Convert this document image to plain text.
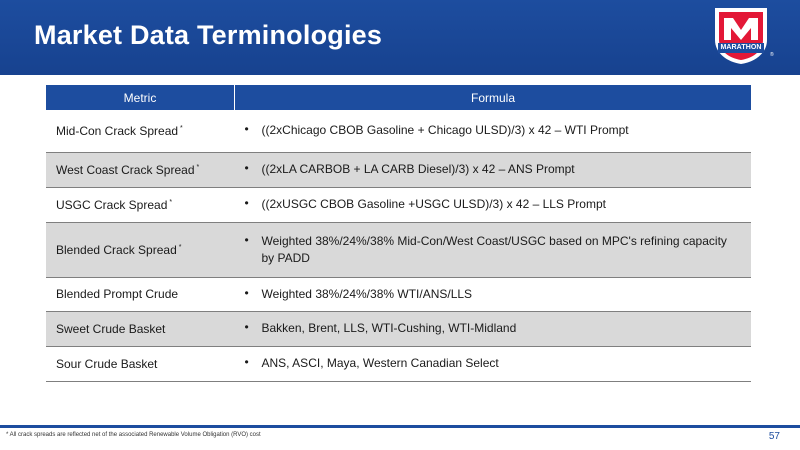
Market Data Terminologies	MARATHON
®
Metric	Formula
Mid-Con Crack Spread *	• ((2xChicago CBOB Gasoline + Chicago ULSD)/3) x 42 – WTI Prompt

West Coast Crack Spread *	• ((2xLA CARBOB + LA CARB Diesel)/3) x 42 – ANS Prompt

USGC Crack Spread *	• ((2xUSGC CBOB Gasoline +USGC ULSD)/3) x 42 – LLS Prompt

Blended Crack Spread *	• Weighted 38%/24%/38% Mid-Con/West Coast/USGC based on MPC's refining capacity by PADD

Blended Prompt Crude	• Weighted 38%/24%/38% WTI/ANS/LLS

Sweet Crude Basket	• Bakken, Brent, LLS, WTI-Cushing, WTI-Midland

Sour Crude Basket	• ANS, ASCI, Maya, Western Canadian Select
* All crack spreads are reflected net of the associated Renewable Volume Obligation (RVO) cost	57
